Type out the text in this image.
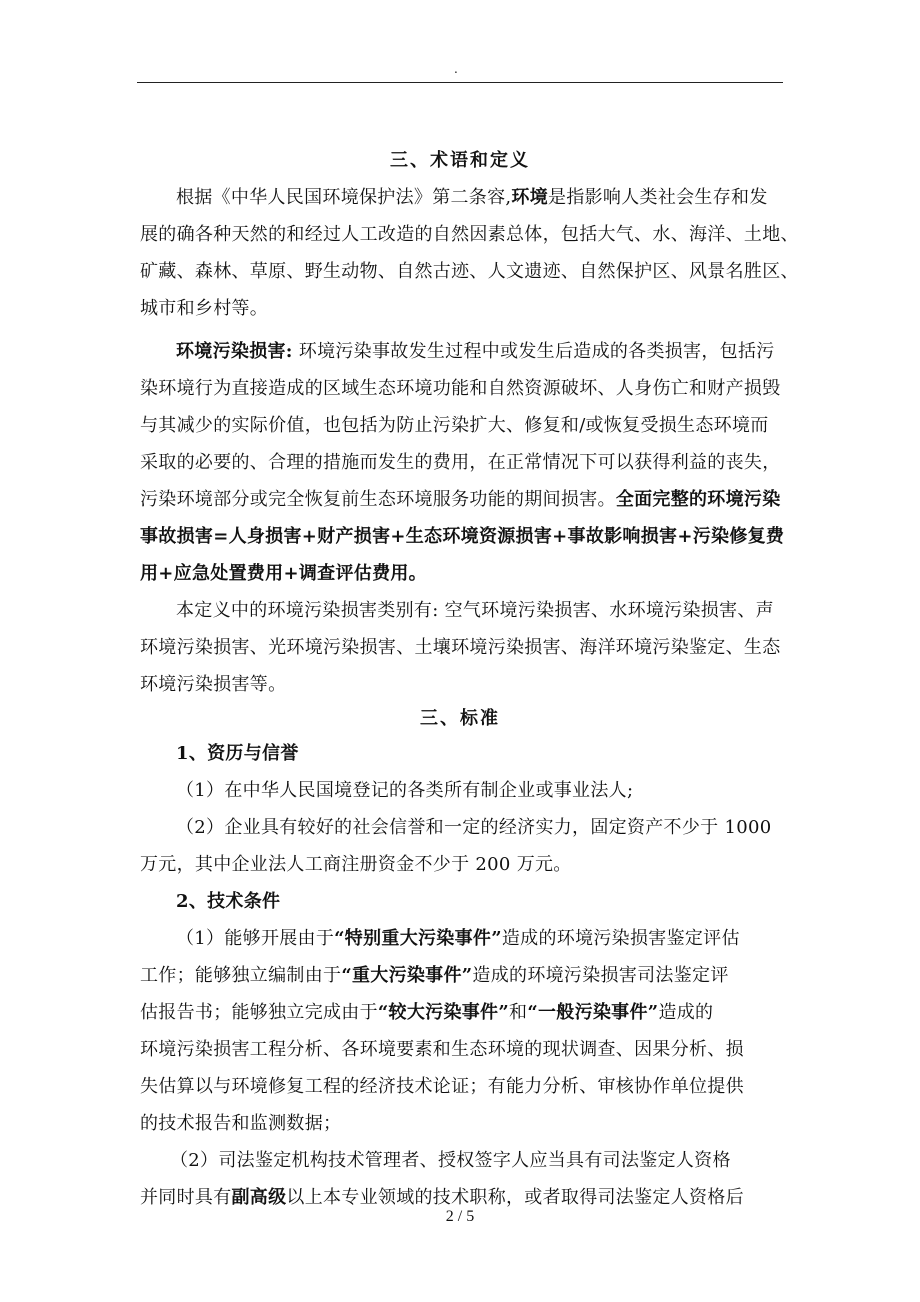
.
三、术语和定义
根据《中华人民国环境保护法》第二条容,环境是指影响人类社会生存和发
展的确各种天然的和经过人工改造的自然因素总体，包括大气、水、海洋、土地、
矿藏、森林、草原、野生动物、自然古迹、人文遗迹、自然保护区、风景名胜区、
城市和乡村等。
环境污染损害: 环境污染事故发生过程中或发生后造成的各类损害，包括污
染环境行为直接造成的区域生态环境功能和自然资源破坏、人身伤亡和财产损毁
与其减少的实际价值，也包括为防止污染扩大、修复和/或恢复受损生态环境而
采取的必要的、合理的措施而发生的费用，在正常情况下可以获得利益的丧失，
污染环境部分或完全恢复前生态环境服务功能的期间损害。全面完整的环境污染
事故损害=人身损害+财产损害+生态环境资源损害+事故影响损害+污染修复费
用+应急处置费用+调查评估费用。
本定义中的环境污染损害类别有: 空气环境污染损害、水环境污染损害、声
环境污染损害、光环境污染损害、土壤环境污染损害、海洋环境污染鉴定、生态
环境污染损害等。
三、标准
1、资历与信誉
（1）在中华人民国境登记的各类所有制企业或事业法人;
（2）企业具有较好的社会信誉和一定的经济实力，固定资产不少于 1000
万元，其中企业法人工商注册资金不少于 200 万元。
2、技术条件
（1）能够开展由于“特别重大污染事件”造成的环境污染损害鉴定评估
工作；能够独立编制由于“重大污染事件”造成的环境污染损害司法鉴定评
估报告书；能够独立完成由于“较大污染事件”和“一般污染事件”造成的
环境污染损害工程分析、各环境要素和生态环境的现状调查、因果分析、损
失估算以与环境修复工程的经济技术论证；有能力分析、审核协作单位提供
的技术报告和监测数据；
（2）司法鉴定机构技术管理者、授权签字人应当具有司法鉴定人资格
并同时具有副高级以上本专业领域的技术职称，或者取得司法鉴定人资格后
2 / 5
